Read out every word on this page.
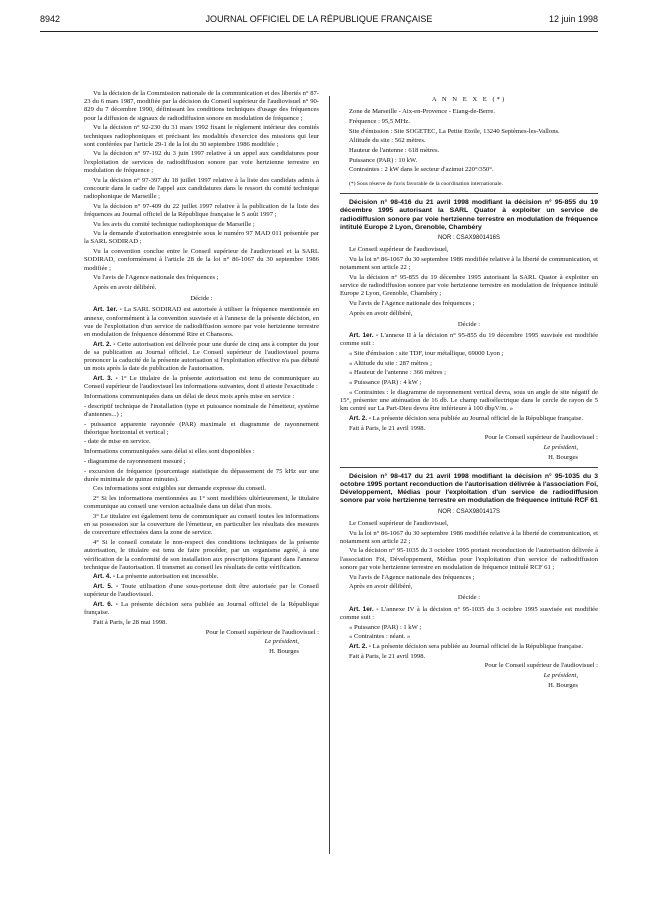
8942	JOURNAL OFFICIEL DE LA RÉPUBLIQUE FRANÇAISE	12 juin 1998

Vu la décision de la Commission nationale de la communication et des libertés n° 87-23 du 6 mars 1987, modifiée par la décision du Conseil supérieur de l'audiovisuel n° 90-829 du 7 décembre 1990, définissant les conditions techniques d'usage des fréquences pour la diffusion de signaux de radiodiffusion sonore en modulation de fréquence ;

Vu la décision n° 92-230 du 31 mars 1992 fixant le règlement intérieur des comités techniques radiophoniques et précisant les modalités d'exercice des missions qui leur sont conférées par l'article 29-1 de la loi du 30 septembre 1986 modifiée ;

Vu la décision n° 97-192 du 3 juin 1997 relative à un appel aux candidatures pour l'exploitation de services de radiodiffusion sonore par voie hertzienne terrestre en modulation de fréquence ;

Vu la décision n° 97-397 du 18 juillet 1997 relative à la liste des candidats admis à concourir dans le cadre de l'appel aux candidatures dans le ressort du comité technique radiophonique de Marseille ;

Vu la décision n° 97-409 du 22 juillet 1997 relative à la publication de la liste des fréquences au Journal officiel de la République française le 5 août 1997 ;

Vu les avis du comité technique radiophonique de Marseille ;

Vu la demande d'autorisation enregistrée sous le numéro 97 MAD 011 présentée par la SARL SODIRAD ;

Vu la convention conclue entre le Conseil supérieur de l'audiovisuel et la SARL SODIRAD, conformément à l'article 28 de la loi n° 86-1067 du 30 septembre 1986 modifiée ;

Vu l'avis de l'Agence nationale des fréquences ;

Après en avoir délibéré.

Décide :

Art. 1er. - La SARL SODIRAD est autorisée à utiliser la fréquence mentionnée en annexe, conformément à la convention susvisée et à l'annexe de la présente décision, en vue de l'exploitation d'un service de radiodiffusion sonore par voie hertzienne terrestre en modulation de fréquence dénommé Rire et Chansons.

Art. 2. - Cette autorisation est délivrée pour une durée de cinq ans à compter du jour de sa publication au Journal officiel. Le Conseil supérieur de l'audiovisuel pourra prononcer la caducité de la présente autorisation si l'exploitation effective n'a pas débuté un mois après la date de publication de l'autorisation.

Art. 3. - 1° Le titulaire de la présente autorisation est tenu de communiquer au Conseil supérieur de l'audiovisuel les informations suivantes, dont il atteste l'exactitude :

Informations communiquées dans un délai de deux mois après mise en service :

- descriptif technique de l'installation (type et puissance nominale de l'émetteur, système d'antennes...) ;

- puissance apparente rayonnée (PAR) maximale et diagramme de rayonnement théorique horizontal et vertical ;

- date de mise en service.

Informations communiquées sans délai si elles sont disponibles :

- diagramme de rayonnement mesuré ;

- excursion de fréquence (pourcentage statistique du dépassement de 75 kHz sur une durée minimale de quinze minutes).

Ces informations sont exigibles sur demande expresse du conseil.

2° Si les informations mentionnées au 1° sont modifiées ultérieurement, le titulaire communique au conseil une version actualisée dans un délai d'un mois.

3° Le titulaire est également tenu de communiquer au conseil toutes les informations en sa possession sur la couverture de l'émetteur, en particulier les résultats des mesures de couverture effectuées dans la zone de service.

4° Si le conseil constate le non-respect des conditions techniques de la présente autorisation, le titulaire est tenu de faire procéder, par un organisme agréé, à une vérification de la conformité de son installation aux prescriptions figurant dans l'annexe technique de l'autorisation. Il transmet au conseil les résultats de cette vérification.

Art. 4. - La présente autorisation est incessible.

Art. 5. - Toute utilisation d'une sous-porteuse doit être autorisée par le Conseil supérieur de l'audiovisuel.

Art. 6. - La présente décision sera publiée au Journal officiel de la République française.

Fait à Paris, le 28 mai 1998.

Pour le Conseil supérieur de l'audiovisuel :

Le président,

H. Bourges

A N N E X E (*)

Zone de Marseille - Aix-en-Provence - Etang-de-Berre.

Fréquence : 95,5 MHz.

Site d'émission : Site SOGETEC, La Petite Etoile, 13240 Septèmes-les-Vallons.

Altitude du site : 562 mètres.

Hauteur de l'antenne : 618 mètres.

Puissance (PAR) : 10 kW.

Contraintes : 2 kW dans le secteur d'azimut 220°/350°.

(*) Sous réserve de l'avis favorable de la coordination internationale.

Décision n° 98-416 du 21 avril 1998 modifiant la décision n° 95-855 du 19 décembre 1995 autorisant la SARL Quator à exploiter un service de radiodiffusion sonore par voie hertzienne terrestre en modulation de fréquence intitulé Europe 2 Lyon, Grenoble, Chambéry

NOR : CSAX9801416S

Le Conseil supérieur de l'audiovisuel,

Vu la loi n° 86-1067 du 30 septembre 1986 modifiée relative à la liberté de communication, et notamment son article 22 ;

Vu la décision n° 95-855 du 19 décembre 1995 autorisant la SARL Quator à exploiter un service de radiodiffusion sonore par voie hertzienne terrestre en modulation de fréquence intitulé Europe 2 Lyon, Grenoble, Chambéry ;

Vu l'avis de l'Agence nationale des fréquences ;

Après en avoir délibéré,

Décide :

Art. 1er. - L'annexe II à la décision n° 95-855 du 19 décembre 1995 susvisée est modifiée comme suit :

« Site d'émission : site TDF, tour métallique, 69000 Lyon ;

« Altitude du site : 287 mètres ;

« Hauteur de l'antenne : 366 mètres ;

« Puissance (PAR) : 4 kW ;

« Contraintes : le diagramme de rayonnement vertical devra, sous un angle de site négatif de 15°, présenter une atténuation de 16 db. Le champ radioélectrique dans le cercle de rayon de 5 km centré sur La Part-Dieu devra être inférieure à 100 dbμV/m. »

Art. 2. - La présente décision sera publiée au Journal officiel de la République française.

Fait à Paris, le 21 avril 1998.

Pour le Conseil supérieur de l'audiovisuel :

Le président,

H. Bourges

Décision n° 98-417 du 21 avril 1998 modifiant la décision n° 95-1035 du 3 octobre 1995 portant reconduction de l'autorisation délivrée à l'association Foi, Développement, Médias pour l'exploitation d'un service de radiodiffusion sonore par voie hertzienne terrestre en modulation de fréquence intitulé RCF 61

NOR : CSAX9801417S

Le Conseil supérieur de l'audiovisuel,

Vu la loi n° 86-1067 du 30 septembre 1986 modifiée relative à la liberté de communication, et notamment son article 22 ;

Vu la décision n° 95-1035 du 3 octobre 1995 portant reconduction de l'autorisation délivrée à l'association Foi, Développement, Médias pour l'exploitation d'un service de radiodiffusion sonore par voie hertzienne terrestre en modulation de fréquence intitulé RCF 61 ;

Vu l'avis de l'Agence nationale des fréquences ;

Après en avoir délibéré,

Décide :

Art. 1er. - L'annexe IV à la décision n° 95-1035 du 3 octobre 1995 susvisée est modifiée comme suit :

« Puissance (PAR) : 1 kW ;

« Contraintes : néant. »

Art. 2. - La présente décision sera publiée au Journal officiel de la République française.

Fait à Paris, le 21 avril 1998.

Pour le Conseil supérieur de l'audiovisuel :

Le président,

H. Bourges
